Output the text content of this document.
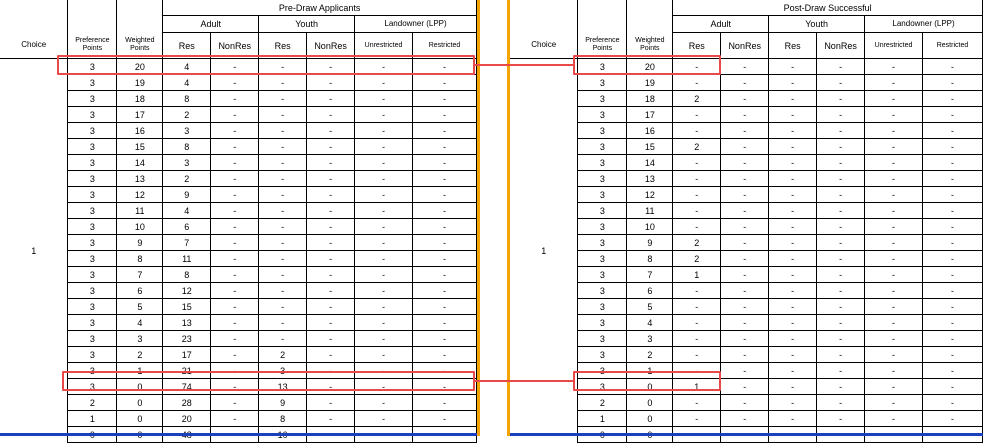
			Pre-Draw Applicants					
			Adult		Youth		Landowner (LPP)	
Choice	Preference Points	Weighted Points	Res	NonRes	Res	NonRes	Unrestricted	Restricted
1	3	20	4	-	-	-	-	-
	3	19	4	-	-	-	-	-
	3	18	8	-	-	-	-	-
	3	17	2	-	-	-	-	-
	3	16	3	-	-	-	-	-
	3	15	8	-	-	-	-	-
	3	14	3	-	-	-	-	-
	3	13	2	-	-	-	-	-
	3	12	9	-	-	-	-	-
	3	11	4	-	-	-	-	-
	3	10	6	-	-	-	-	-
	3	9	7	-	-	-	-	-
	3	8	11	-	-	-	-	-
	3	7	8	-	-	-	-	-
	3	6	12	-	-	-	-	-
	3	5	15	-	-	-	-	-
	3	4	13	-	-	-	-	-
	3	3	23	-	-	-	-	-
	3	2	17	-	2	-	-	-
	3	1	21	-	3	-	-	-
	3	0	74	-	13	-	-	-
	2	0	28	-	9	-	-	-
	1	0	20	-	8	-	-	-

			Post-Draw Successful					
			Adult		Youth		Landowner (LPP)	
Choice	Preference Points	Weighted Points	Res	NonRes	Res	NonRes	Unrestricted	Restricted
1	3	20	-	-	-	-	-	-
	3	19	-	-	-	-	-	-
	3	18	2	-	-	-	-	-
	3	17	-	-	-	-	-	-
	3	16	-	-	-	-	-	-
	3	15	2	-	-	-	-	-
	3	14	-	-	-	-	-	-
	3	13	-	-	-	-	-	-
	3	12	-	-	-	-	-	-
	3	11	-	-	-	-	-	-
	3	10	-	-	-	-	-	-
	3	9	2	-	-	-	-	-
	3	8	2	-	-	-	-	-
	3	7	1	-	-	-	-	-
	3	6	-	-	-	-	-	-
	3	5	-	-	-	-	-	-
	3	4	-	-	-	-	-	-
	3	3	-	-	-	-	-	-
	3	2	-	-	-	-	-	-
	3	1	-	-	-	-	-	-
	3	0	1	-	-	-	-	-
	2	0	-	-	-	-	-	-
	1	0	-	-	-	-	-	-
